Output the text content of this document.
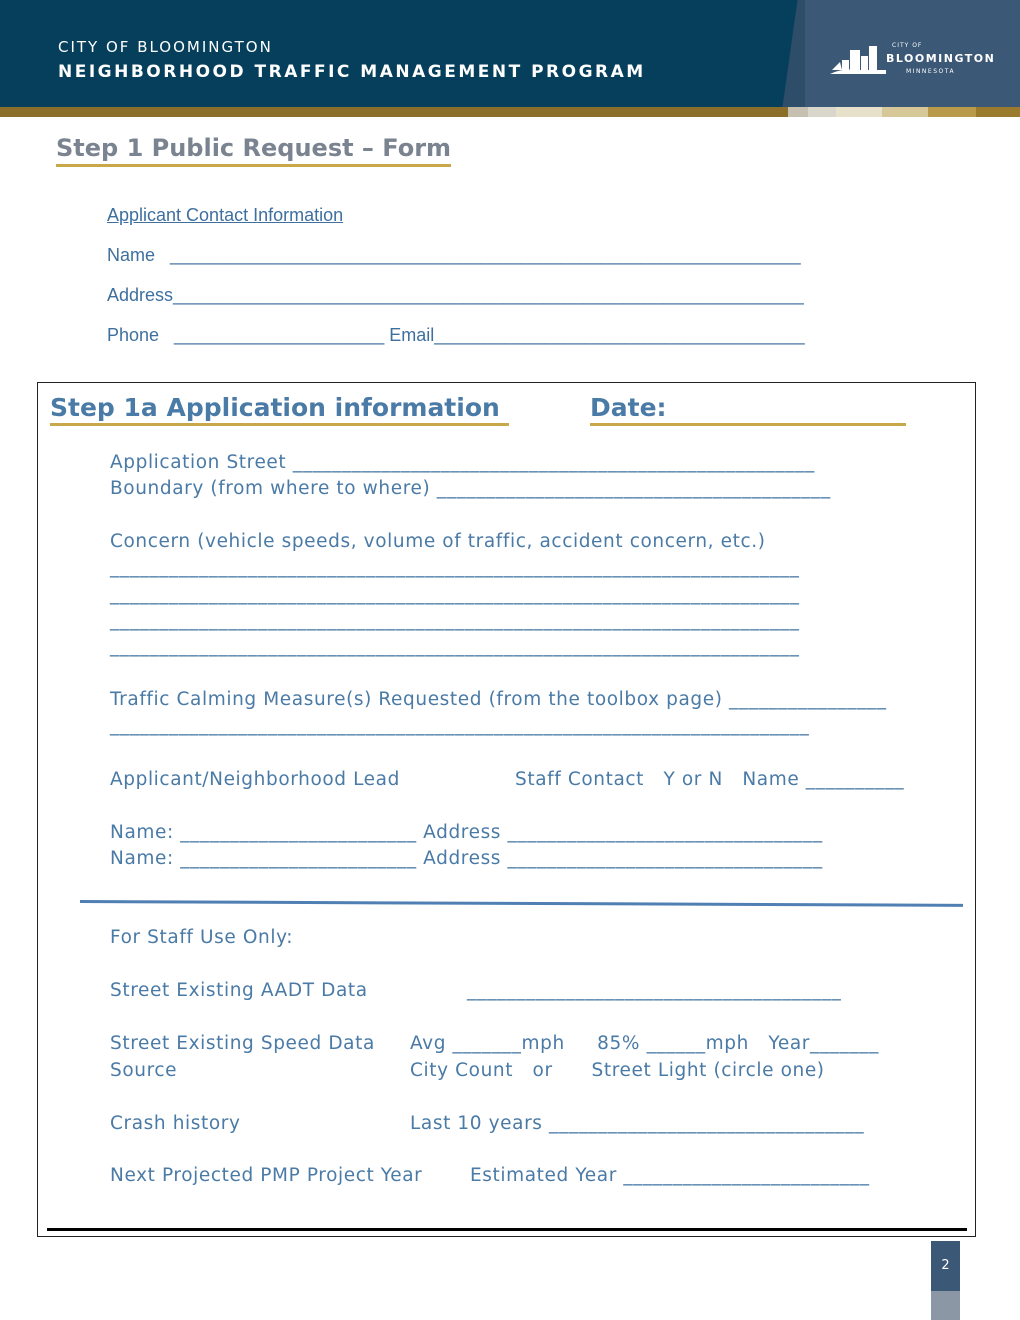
CITY OF BLOOMINGTON
NEIGHBORHOOD TRAFFIC MANAGEMENT PROGRAM
CITY OF
BLOOMINGTON
MINNESOTA
Step 1 Public Request – Form
Applicant Contact Information
Name   _______________________________________________________________
Address_______________________________________________________________
Phone   _____________________ Email_____________________________________
Step 1a Application information	Date:
Application Street _____________________________________________________
Boundary (from where to where) ________________________________________
Concern (vehicle speeds, volume of traffic, accident concern, etc.)
______________________________________________________________________
______________________________________________________________________
______________________________________________________________________
______________________________________________________________________
Traffic Calming Measure(s) Requested (from the toolbox page) ________________
_______________________________________________________________________
Applicant/Neighborhood Lead	Staff Contact   Y or N   Name __________
Name: ________________________ Address ________________________________
Name: ________________________ Address ________________________________
For Staff Use Only:
Street Existing AADT Data	______________________________________
Street Existing Speed Data Avg _______mph     85% ______mph   Year_______
Source	City Count   or      Street Light (circle one)
Crash history	Last 10 years ________________________________
Next Projected PMP Project Year	Estimated Year _________________________
2
